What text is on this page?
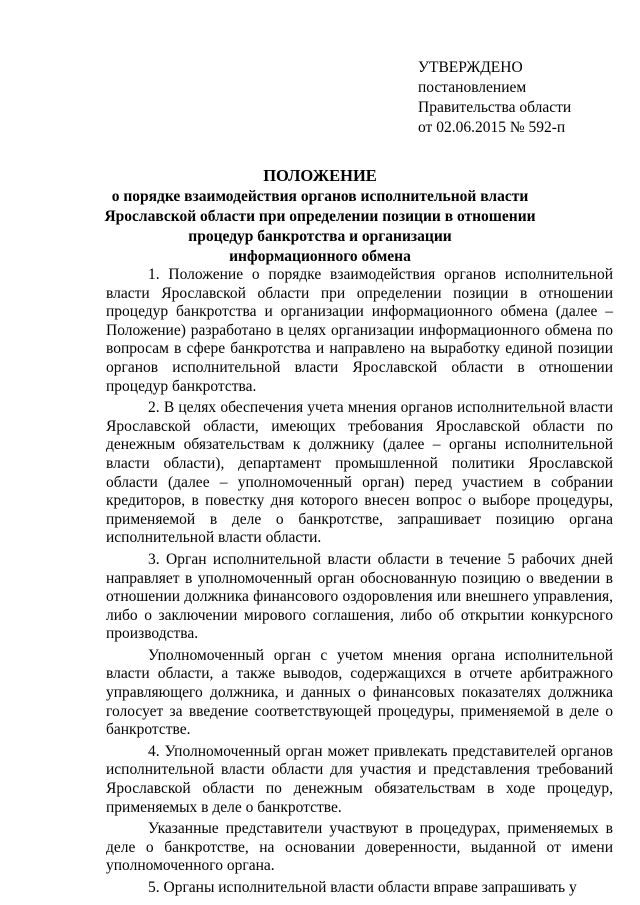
УТВЕРЖДЕНО
постановлением
Правительства области
от 02.06.2015 № 592-п
ПОЛОЖЕНИЕ
о порядке взаимодействия органов исполнительной власти
Ярославской области при определении позиции в отношении
процедур банкротства и организации
информационного обмена

1. Положение о порядке взаимодействия органов исполнительной власти Ярославской области при определении позиции в отношении процедур банкротства и организации информационного обмена (далее – Положение) разработано в целях организации информационного обмена по вопросам в сфере банкротства и направлено на выработку единой позиции органов исполнительной власти Ярославской области в отношении процедур банкротства.

2. В целях обеспечения учета мнения органов исполнительной власти Ярославской области, имеющих требования Ярославской области по денежным обязательствам к должнику (далее – органы исполнительной власти области), департамент промышленной политики Ярославской области (далее – уполномоченный орган) перед участием в собрании кредиторов, в повестку дня которого внесен вопрос о выборе процедуры, применяемой в деле о банкротстве, запрашивает позицию органа исполнительной власти области.

3. Орган исполнительной власти области в течение 5 рабочих дней направляет в уполномоченный орган обоснованную позицию о введении в отношении должника финансового оздоровления или внешнего управления, либо о заключении мирового соглашения, либо об открытии конкурсного производства.

Уполномоченный орган с учетом мнения органа исполнительной власти области, а также выводов, содержащихся в отчете арбитражного управляющего должника, и данных о финансовых показателях должника голосует за введение соответствующей процедуры, применяемой в деле о банкротстве.

4. Уполномоченный орган может привлекать представителей органов исполнительной власти области для участия и представления требований Ярославской области по денежным обязательствам в ходе процедур, применяемых в деле о банкротстве.

Указанные представители участвуют в процедурах, применяемых в деле о банкротстве, на основании доверенности, выданной от имени уполномоченного органа.

5. Органы исполнительной власти области вправе запрашивать у
